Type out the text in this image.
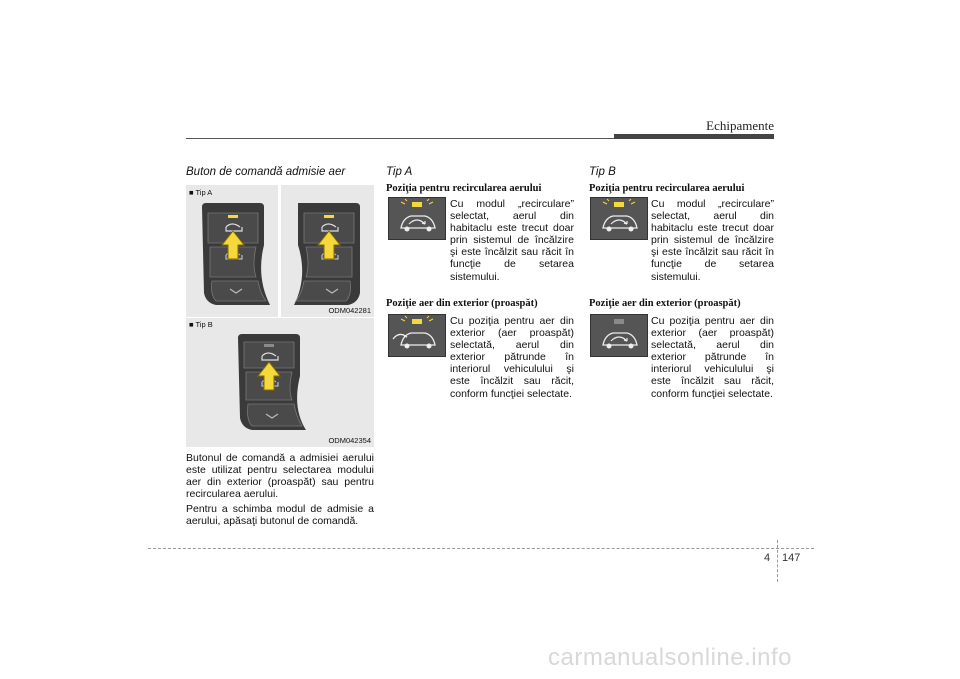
Echipamente
Buton de comandă admisie aer
■ Tip A
ODM042281
■ Tip B
ODM042354
Butonul de comandă a admisiei aerului este utilizat pentru selectarea modului aer din exterior (proaspăt) sau pentru recircularea aerului.
Pentru a schimba modul de admisie a aerului, apăsaţi butonul de comandă.
Tip A
Poziţia pentru recircularea aerului
Cu modul „recirculare” selectat, aerul din habitaclu este trecut doar prin sistemul de încălzire şi este încălzit sau răcit în funcţie de setarea sistemului.
Poziţie aer din exterior (proaspăt)
Cu poziţia pentru aer din exterior (aer proaspăt) selectată, aerul din exterior pătrunde în interiorul vehiculului şi este încălzit sau răcit, conform funcţiei selectate.
Tip B
Poziţia pentru recircularea aerului
Cu modul „recirculare” selectat, aerul din habitaclu este trecut doar prin sistemul de încălzire şi este încălzit sau răcit în funcţie de setarea sistemului.
Poziţie aer din exterior (proaspăt)
Cu poziţia pentru aer din exterior (aer proaspăt) selectată, aerul din exterior pătrunde în interiorul vehiculului şi este încălzit sau răcit, conform funcţiei selectate.
4 147
carmanualsonline.info
